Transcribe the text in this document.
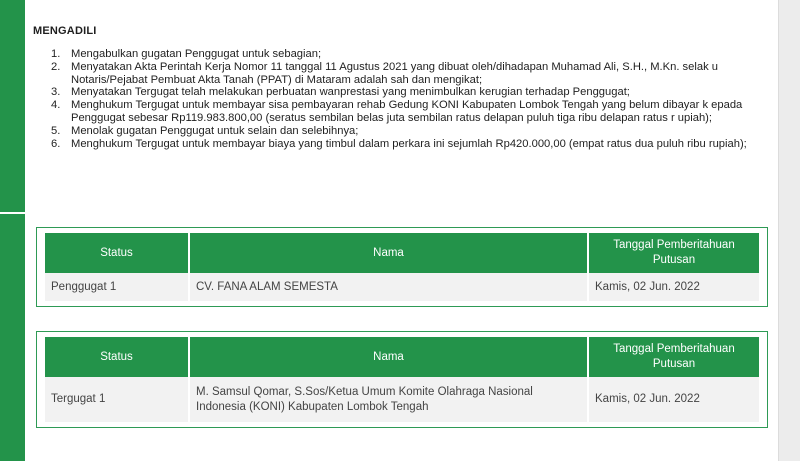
MENGADILI
1. Mengabulkan gugatan Penggugat untuk sebagian;
2. Menyatakan Akta Perintah Kerja Nomor 11 tanggal 11 Agustus 2021 yang dibuat oleh/dihadapan Muhamad Ali, S.H., M.Kn. selak u Notaris/Pejabat Pembuat Akta Tanah (PPAT) di Mataram adalah sah dan mengikat;
3. Menyatakan Tergugat telah melakukan perbuatan wanprestasi yang menimbulkan kerugian terhadap Penggugat;
4. Menghukum Tergugat untuk membayar sisa pembayaran rehab Gedung KONI Kabupaten Lombok Tengah yang belum dibayar k epada Penggugat sebesar Rp119.983.800,00 (seratus sembilan belas juta sembilan ratus delapan puluh tiga ribu delapan ratus r upiah);
5. Menolak gugatan Penggugat untuk selain dan selebihnya;
6. Menghukum Tergugat untuk membayar biaya yang timbul dalam perkara ini sejumlah Rp420.000,00 (empat ratus dua puluh ribu rupiah);
Status	Nama	Tanggal Pemberitahuan Putusan
Penggugat 1	CV. FANA ALAM SEMESTA	Kamis, 02 Jun. 2022
Status	Nama	Tanggal Pemberitahuan Putusan
Tergugat 1	M. Samsul Qomar, S.Sos/Ketua Umum Komite Olahraga Nasional Indonesia (KONI) Kabupaten Lombok Tengah	Kamis, 02 Jun. 2022
